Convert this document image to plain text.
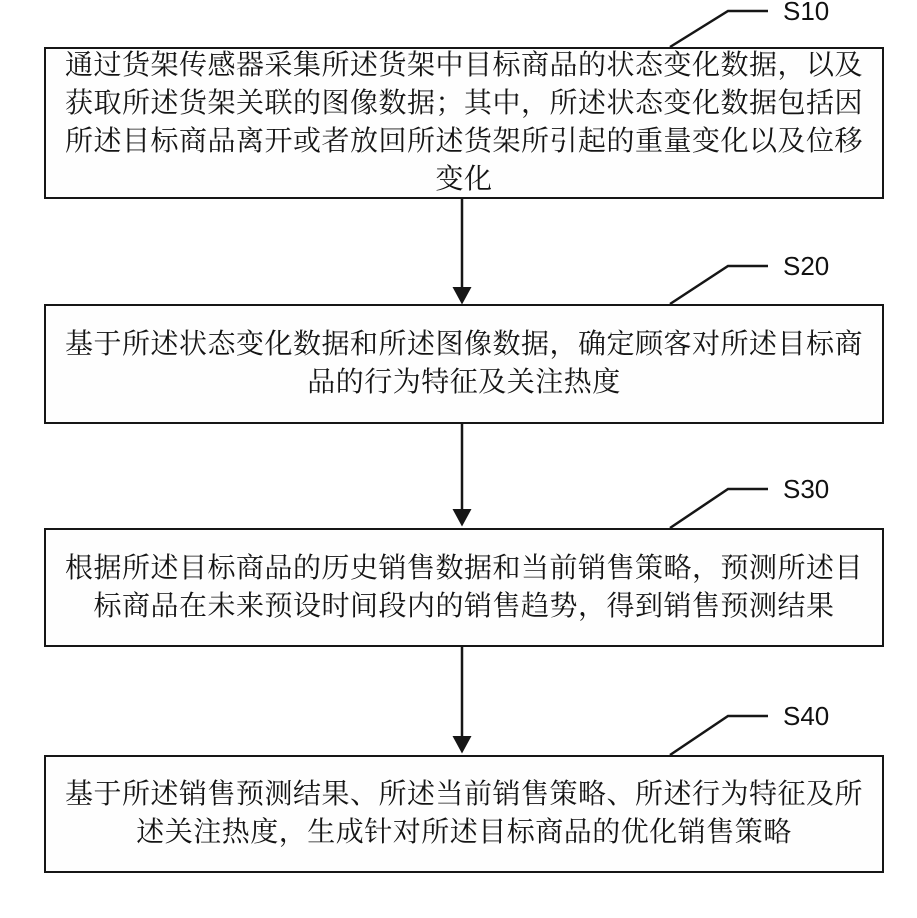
通过货架传感器采集所述货架中目标商品的状态变化数据，以及

获取所述货架关联的图像数据；其中，所述状态变化数据包括因

所述目标商品离开或者放回所述货架所引起的重量变化以及位移

变化

基于所述状态变化数据和所述图像数据，确定顾客对所述目标商

品的行为特征及关注热度

根据所述目标商品的历史销售数据和当前销售策略，预测所述目

标商品在未来预设时间段内的销售趋势，得到销售预测结果

基于所述销售预测结果、所述当前销售策略、所述行为特征及所

述关注热度，生成针对所述目标商品的优化销售策略

S10
S20
S30
S40
